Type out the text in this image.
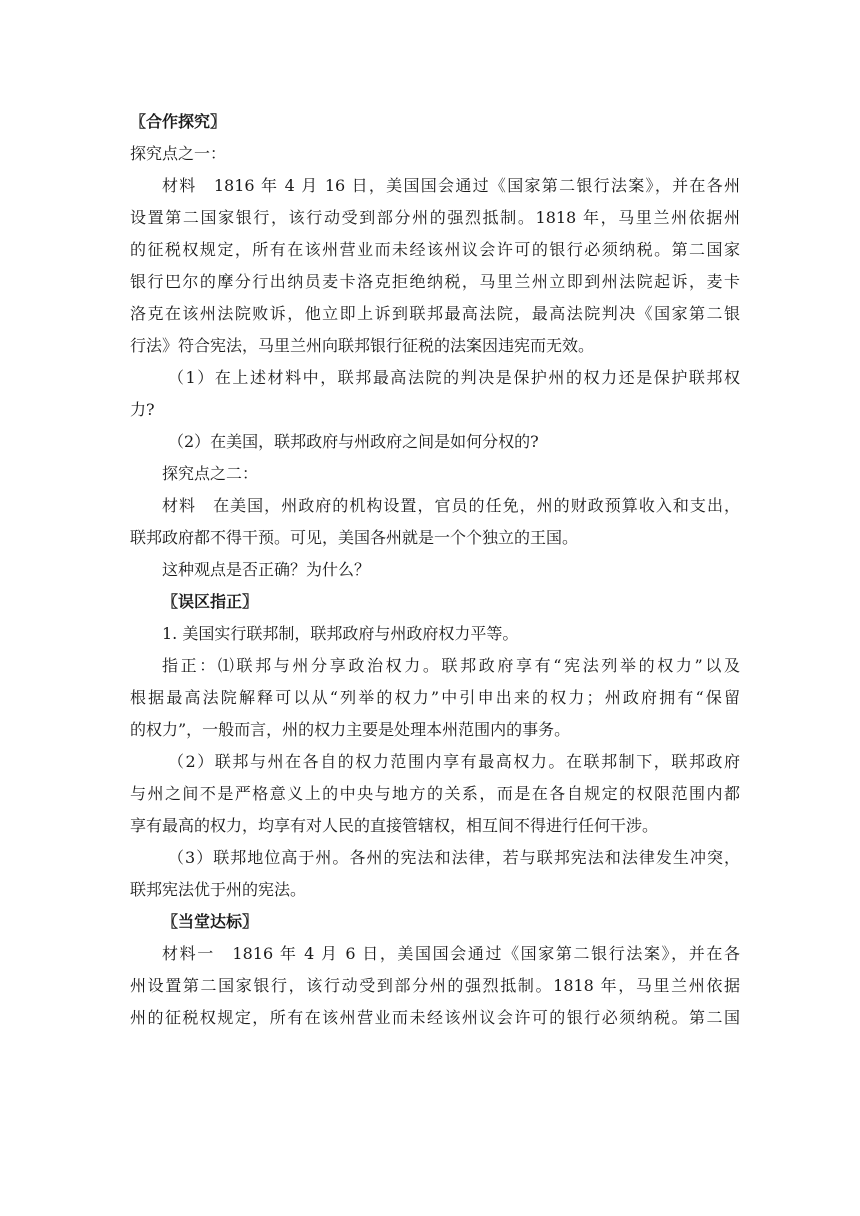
〖合作探究〗
探究点之一：
材料　1816 年 4 月 16 日，美国国会通过《国家第二银行法案》，并在各州
设置第二国家银行，该行动受到部分州的强烈抵制。1818 年，马里兰州依据州
的征税权规定，所有在该州营业而未经该州议会许可的银行必须纳税。第二国家
银行巴尔的摩分行出纳员麦卡洛克拒绝纳税，马里兰州立即到州法院起诉，麦卡
洛克在该州法院败诉，他立即上诉到联邦最高法院，最高法院判决《国家第二银
行法》符合宪法，马里兰州向联邦银行征税的法案因违宪而无效。
（1）在上述材料中，联邦最高法院的判决是保护州的权力还是保护联邦权
力?
（2）在美国，联邦政府与州政府之间是如何分权的?
探究点之二：
材料　在美国，州政府的机构设置，官员的任免，州的财政预算收入和支出，
联邦政府都不得干预。可见，美国各州就是一个个独立的王国。
这种观点是否正确？为什么？
〖误区指正〗
1. 美国实行联邦制，联邦政府与州政府权力平等。
指正：⑴联邦与州分享政治权力。联邦政府享有“宪法列举的权力”以及
根据最高法院解释可以从“列举的权力”中引申出来的权力；州政府拥有“保留
的权力”，一般而言，州的权力主要是处理本州范围内的事务。
（2）联邦与州在各自的权力范围内享有最高权力。在联邦制下，联邦政府
与州之间不是严格意义上的中央与地方的关系，而是在各自规定的权限范围内都
享有最高的权力，均享有对人民的直接管辖权，相互间不得进行任何干涉。
（3）联邦地位高于州。各州的宪法和法律，若与联邦宪法和法律发生冲突，
联邦宪法优于州的宪法。
〖当堂达标〗
材料一　1816 年 4 月 6 日，美国国会通过《国家第二银行法案》，并在各
州设置第二国家银行，该行动受到部分州的强烈抵制。1818 年，马里兰州依据
州的征税权规定，所有在该州营业而未经该州议会许可的银行必须纳税。第二国
